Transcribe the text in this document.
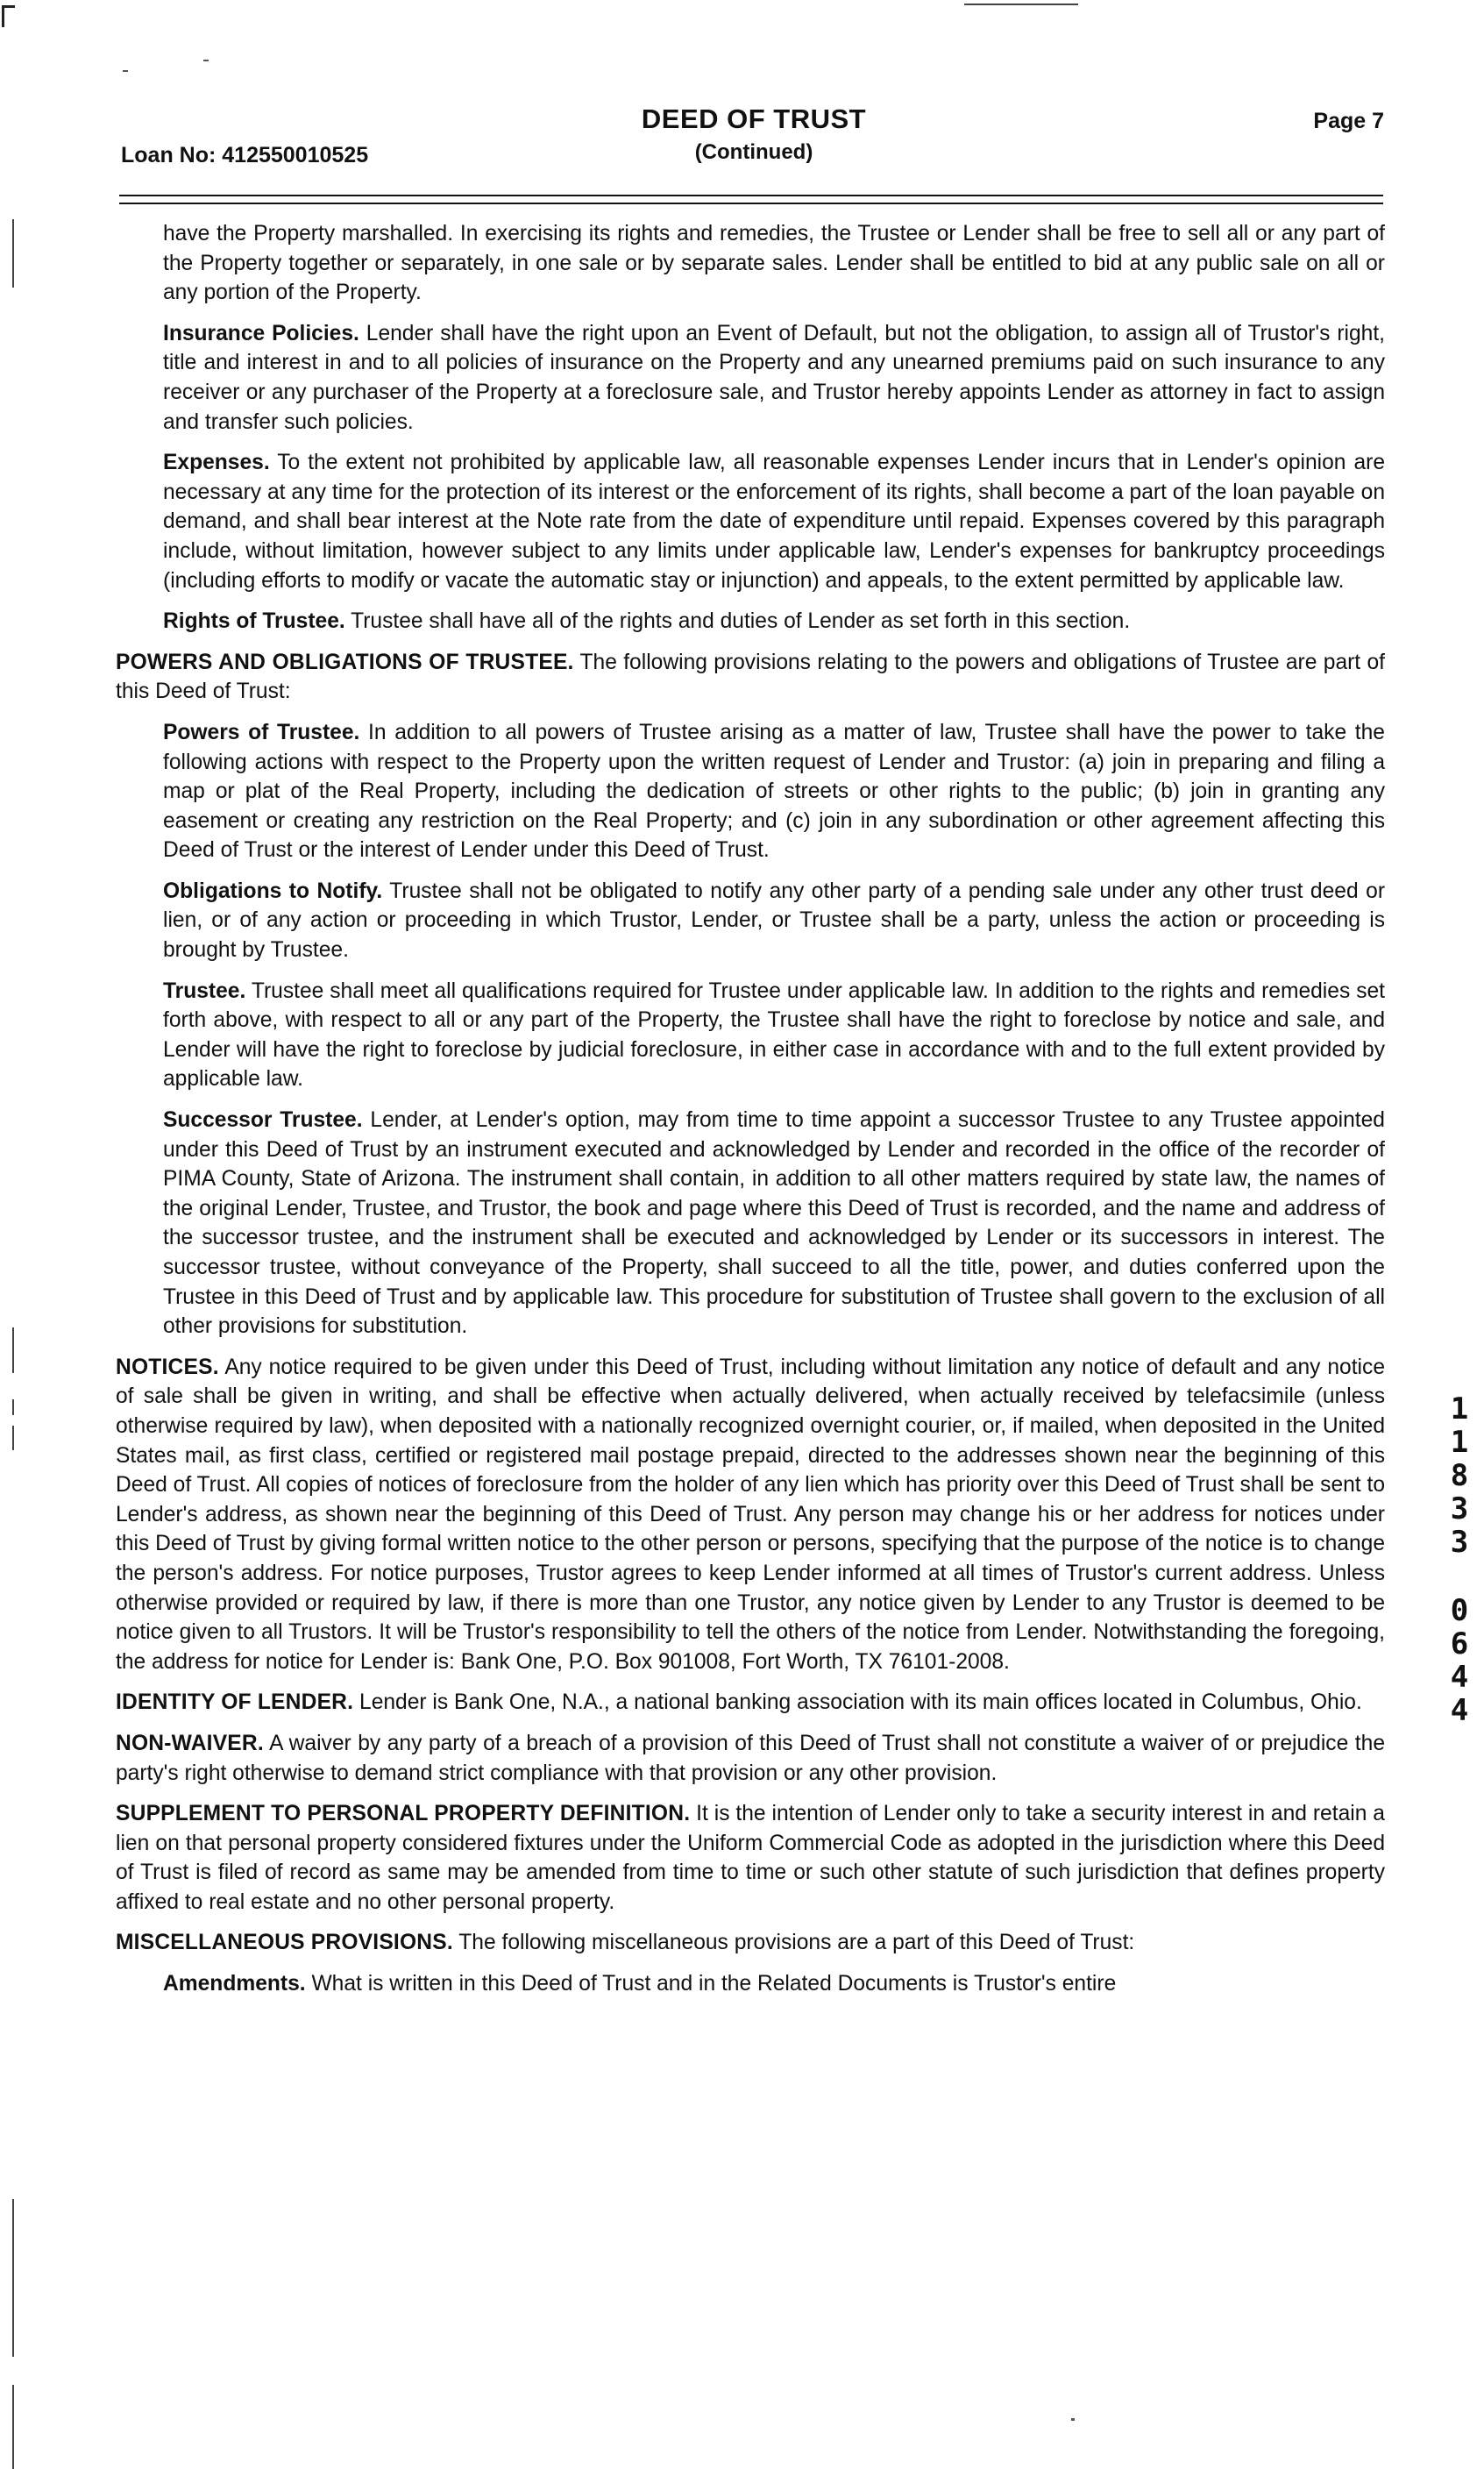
DEED OF TRUST
(Continued)
Page 7
Loan No: 412550010525

have the Property marshalled. In exercising its rights and remedies, the Trustee or Lender shall be free to sell all or any part of the Property together or separately, in one sale or by separate sales. Lender shall be entitled to bid at any public sale on all or any portion of the Property.

Insurance Policies. Lender shall have the right upon an Event of Default, but not the obligation, to assign all of Trustor's right, title and interest in and to all policies of insurance on the Property and any unearned premiums paid on such insurance to any receiver or any purchaser of the Property at a foreclosure sale, and Trustor hereby appoints Lender as attorney in fact to assign and transfer such policies.

Expenses. To the extent not prohibited by applicable law, all reasonable expenses Lender incurs that in Lender's opinion are necessary at any time for the protection of its interest or the enforcement of its rights, shall become a part of the loan payable on demand, and shall bear interest at the Note rate from the date of expenditure until repaid. Expenses covered by this paragraph include, without limitation, however subject to any limits under applicable law, Lender's expenses for bankruptcy proceedings (including efforts to modify or vacate the automatic stay or injunction) and appeals, to the extent permitted by applicable law.

Rights of Trustee. Trustee shall have all of the rights and duties of Lender as set forth in this section.

POWERS AND OBLIGATIONS OF TRUSTEE. The following provisions relating to the powers and obligations of Trustee are part of this Deed of Trust:

Powers of Trustee. In addition to all powers of Trustee arising as a matter of law, Trustee shall have the power to take the following actions with respect to the Property upon the written request of Lender and Trustor: (a) join in preparing and filing a map or plat of the Real Property, including the dedication of streets or other rights to the public; (b) join in granting any easement or creating any restriction on the Real Property; and (c) join in any subordination or other agreement affecting this Deed of Trust or the interest of Lender under this Deed of Trust.

Obligations to Notify. Trustee shall not be obligated to notify any other party of a pending sale under any other trust deed or lien, or of any action or proceeding in which Trustor, Lender, or Trustee shall be a party, unless the action or proceeding is brought by Trustee.

Trustee. Trustee shall meet all qualifications required for Trustee under applicable law. In addition to the rights and remedies set forth above, with respect to all or any part of the Property, the Trustee shall have the right to foreclose by notice and sale, and Lender will have the right to foreclose by judicial foreclosure, in either case in accordance with and to the full extent provided by applicable law.

Successor Trustee. Lender, at Lender's option, may from time to time appoint a successor Trustee to any Trustee appointed under this Deed of Trust by an instrument executed and acknowledged by Lender and recorded in the office of the recorder of PIMA County, State of Arizona. The instrument shall contain, in addition to all other matters required by state law, the names of the original Lender, Trustee, and Trustor, the book and page where this Deed of Trust is recorded, and the name and address of the successor trustee, and the instrument shall be executed and acknowledged by Lender or its successors in interest. The successor trustee, without conveyance of the Property, shall succeed to all the title, power, and duties conferred upon the Trustee in this Deed of Trust and by applicable law. This procedure for substitution of Trustee shall govern to the exclusion of all other provisions for substitution.

NOTICES. Any notice required to be given under this Deed of Trust, including without limitation any notice of default and any notice of sale shall be given in writing, and shall be effective when actually delivered, when actually received by telefacsimile (unless otherwise required by law), when deposited with a nationally recognized overnight courier, or, if mailed, when deposited in the United States mail, as first class, certified or registered mail postage prepaid, directed to the addresses shown near the beginning of this Deed of Trust. All copies of notices of foreclosure from the holder of any lien which has priority over this Deed of Trust shall be sent to Lender's address, as shown near the beginning of this Deed of Trust. Any person may change his or her address for notices under this Deed of Trust by giving formal written notice to the other person or persons, specifying that the purpose of the notice is to change the person's address. For notice purposes, Trustor agrees to keep Lender informed at all times of Trustor's current address. Unless otherwise provided or required by law, if there is more than one Trustor, any notice given by Lender to any Trustor is deemed to be notice given to all Trustors. It will be Trustor's responsibility to tell the others of the notice from Lender. Notwithstanding the foregoing, the address for notice for Lender is: Bank One, P.O. Box 901008, Fort Worth, TX 76101-2008.

IDENTITY OF LENDER. Lender is Bank One, N.A., a national banking association with its main offices located in Columbus, Ohio.

NON-WAIVER. A waiver by any party of a breach of a provision of this Deed of Trust shall not constitute a waiver of or prejudice the party's right otherwise to demand strict compliance with that provision or any other provision.

SUPPLEMENT TO PERSONAL PROPERTY DEFINITION. It is the intention of Lender only to take a security interest in and retain a lien on that personal property considered fixtures under the Uniform Commercial Code as adopted in the jurisdiction where this Deed of Trust is filed of record as same may be amended from time to time or such other statute of such jurisdiction that defines property affixed to real estate and no other personal property.

MISCELLANEOUS PROVISIONS. The following miscellaneous provisions are a part of this Deed of Trust:

Amendments. What is written in this Deed of Trust and in the Related Documents is Trustor's entire

1
1
8
3
3
0
6
4
4
